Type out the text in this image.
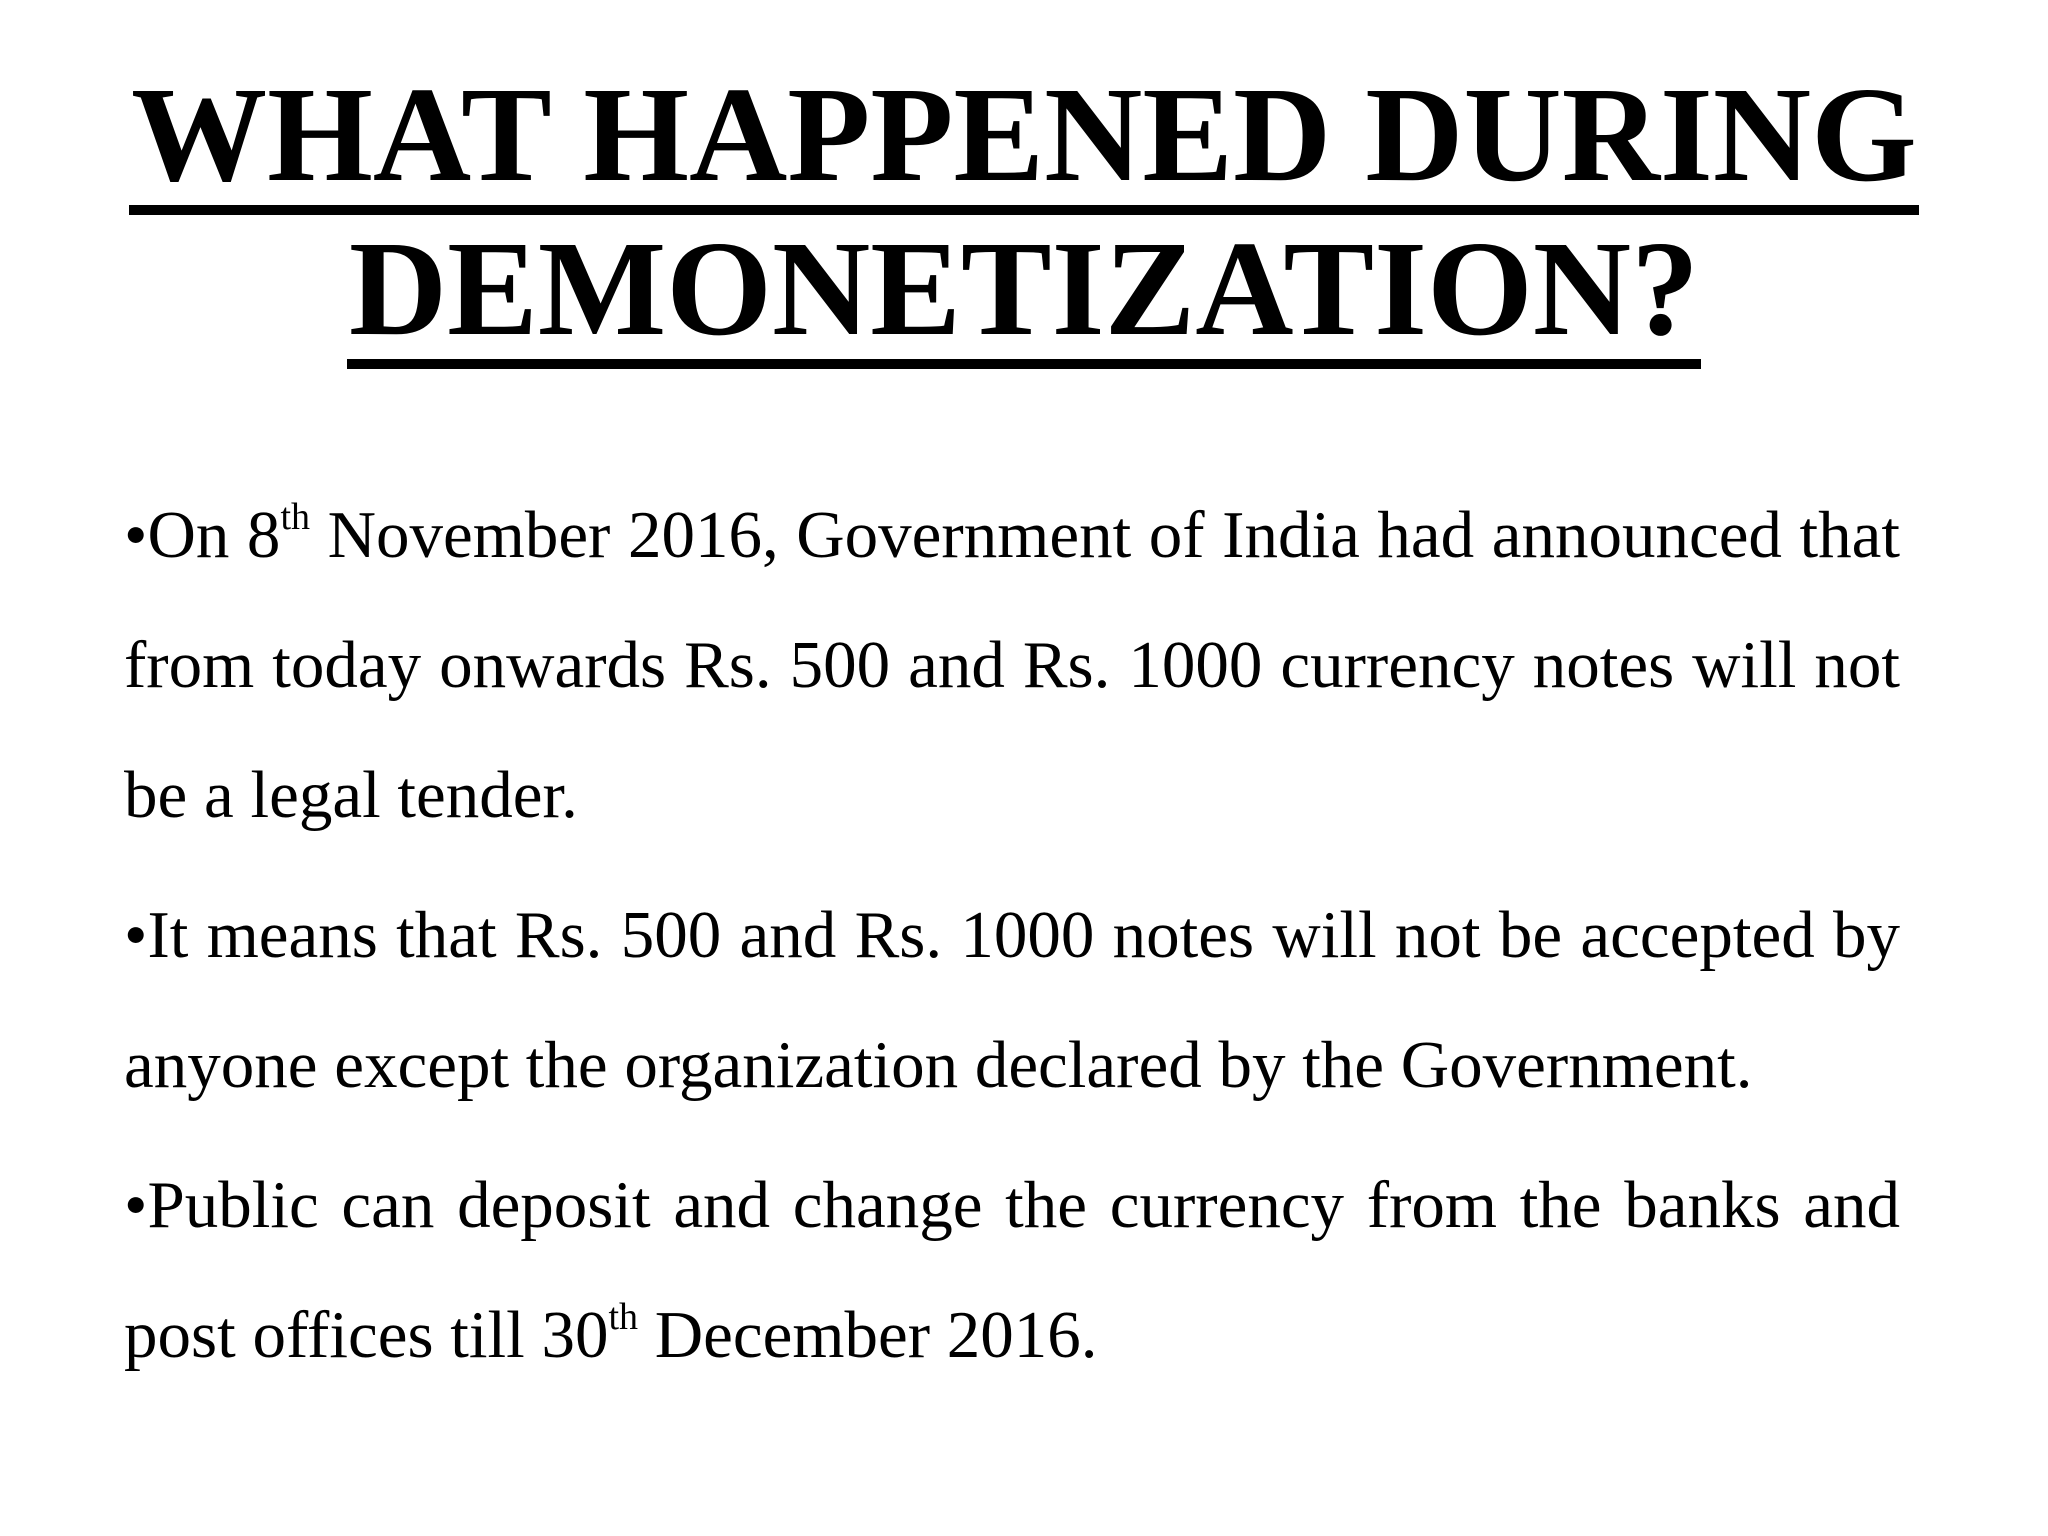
WHAT HAPPENED DURING
DEMONETIZATION?

•On 8th November 2016, Government of India had announced that from today onwards Rs. 500 and Rs. 1000 currency notes will not be a legal tender.

•It means that Rs. 500 and Rs. 1000 notes will not be accepted by anyone except the organization declared by the Government.

•Public can deposit and change the currency from the banks and post offices till 30th December 2016.
